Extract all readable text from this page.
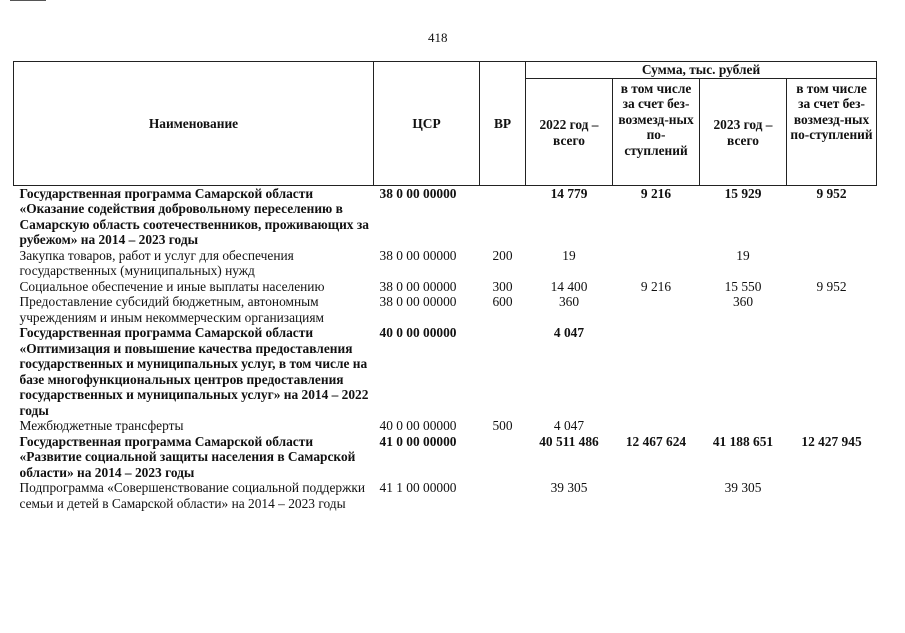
418
Наименование	ЦСР	ВР	Сумма, тыс. рублей			
			2022 год – всего	в том числе за счет без-возмезд-ных по-ступлений	2023 год – всего	в том числе за счет без-возмезд-ных по-ступлений
Государственная программа Самарской области «Оказание содействия добровольному переселению в Самарскую область соотечественников, проживающих за рубежом» на 2014 – 2023 годы	38 0 00 00000		14 779	9 216	15 929	9 952
Закупка товаров, работ и услуг для обеспечения государственных (муниципальных) нужд	38 0 00 00000	200	19		19	
Социальное обеспечение и иные выплаты населению	38 0 00 00000	300	14 400	9 216	15 550	9 952
Предоставление субсидий бюджетным, автономным учреждениям и иным некоммерческим организациям	38 0 00 00000	600	360		360	
Государственная программа Самарской области «Оптимизация и повышение качества предоставления государственных и муниципальных услуг, в том числе на базе многофункциональных центров предоставления государственных и муниципальных услуг» на 2014 – 2022 годы	40 0 00 00000		4 047			
Межбюджетные трансферты	40 0 00 00000	500	4 047			
Государственная программа Самарской области «Развитие социальной защиты населения в Самарской области» на 2014 – 2023 годы	41 0 00 00000		40 511 486	12 467 624	41 188 651	12 427 945
Подпрограмма «Совершенствование социальной поддержки семьи и детей в Самарской области» на 2014 – 2023 годы	41 1 00 00000		39 305		39 305	
